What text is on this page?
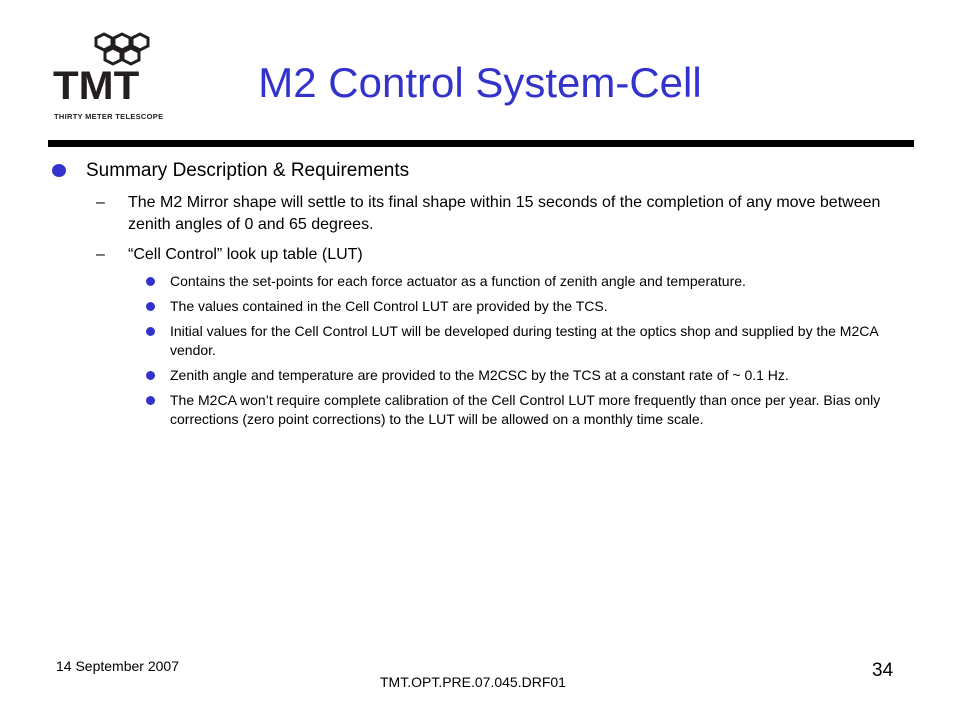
TMT
THIRTY METER TELESCOPE
M2 Control System-Cell
Summary Description & Requirements
– The M2 Mirror shape will settle to its final shape within 15 seconds of the completion of any move between zenith angles of 0 and 65 degrees.
– “Cell Control” look up table (LUT)
Contains the set-points for each force actuator as a function of zenith angle and temperature.
The values contained in the Cell Control LUT are provided by the TCS.
Initial values for the Cell Control LUT will be developed during testing at the optics shop and supplied by the M2CA vendor.
Zenith angle and temperature are provided to the M2CSC by the TCS at a constant rate of ~ 0.1 Hz.
The M2CA won’t require complete calibration of the Cell Control LUT more frequently than once per year. Bias only corrections (zero point corrections) to the LUT will be allowed on a monthly time scale.
14 September 2007
TMT.OPT.PRE.07.045.DRF01
34
